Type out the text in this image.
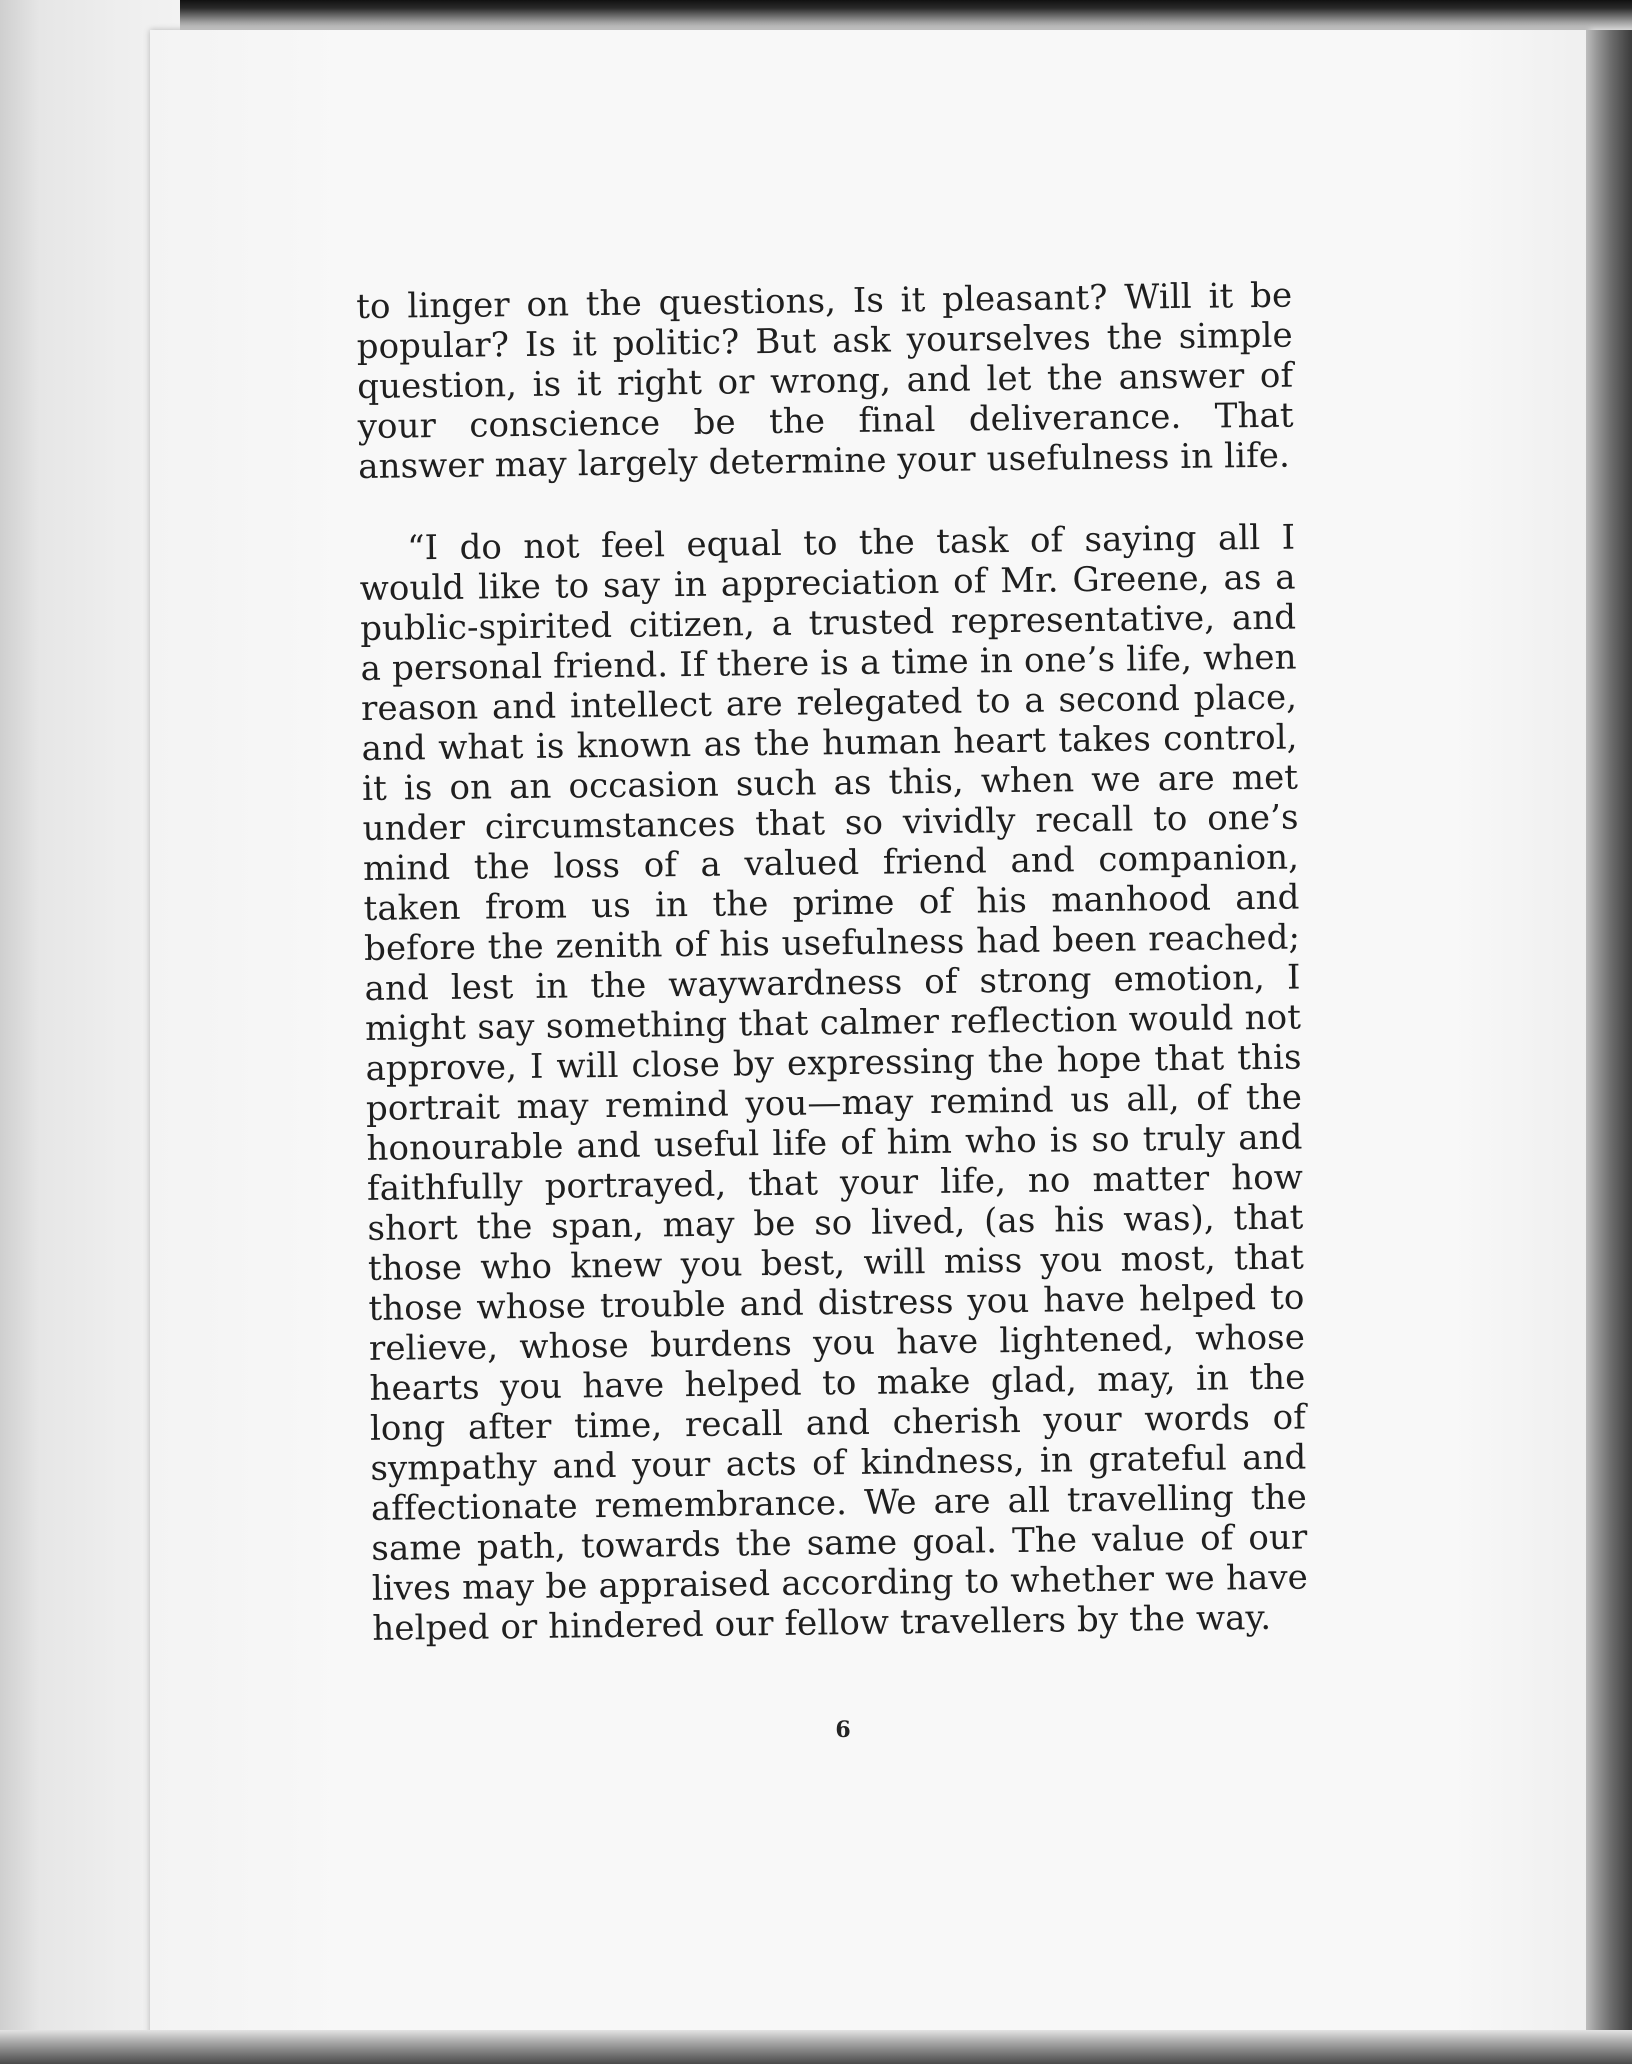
to linger on the questions, Is it pleasant? Will it be popular? Is it politic? But ask yourselves the simple question, is it right or wrong, and let the answer of your conscience be the final deliverance. That answer may largely determine your usefulness in life.

“I do not feel equal to the task of saying all I would like to say in appreciation of Mr. Greene, as a public-spirited citizen, a trusted representative, and a personal friend. If there is a time in one’s life, when reason and intellect are relegated to a second place, and what is known as the human heart takes control, it is on an occasion such as this, when we are met under circumstances that so vividly recall to one’s mind the loss of a valued friend and companion, taken from us in the prime of his manhood and before the zenith of his usefulness had been reached; and lest in the waywardness of strong emotion, I might say something that calmer reflection would not approve, I will close by expressing the hope that this portrait may remind you—may remind us all, of the honourable and useful life of him who is so truly and faithfully portrayed, that your life, no matter how short the span, may be so lived, (as his was), that those who knew you best, will miss you most, that those whose trouble and distress you have helped to relieve, whose burdens you have lightened, whose hearts you have helped to make glad, may, in the long after time, recall and cherish your words of sympathy and your acts of kindness, in grateful and affectionate remembrance. We are all travelling the same path, towards the same goal. The value of our lives may be appraised according to whether we have helped or hindered our fellow travellers by the way.

6
